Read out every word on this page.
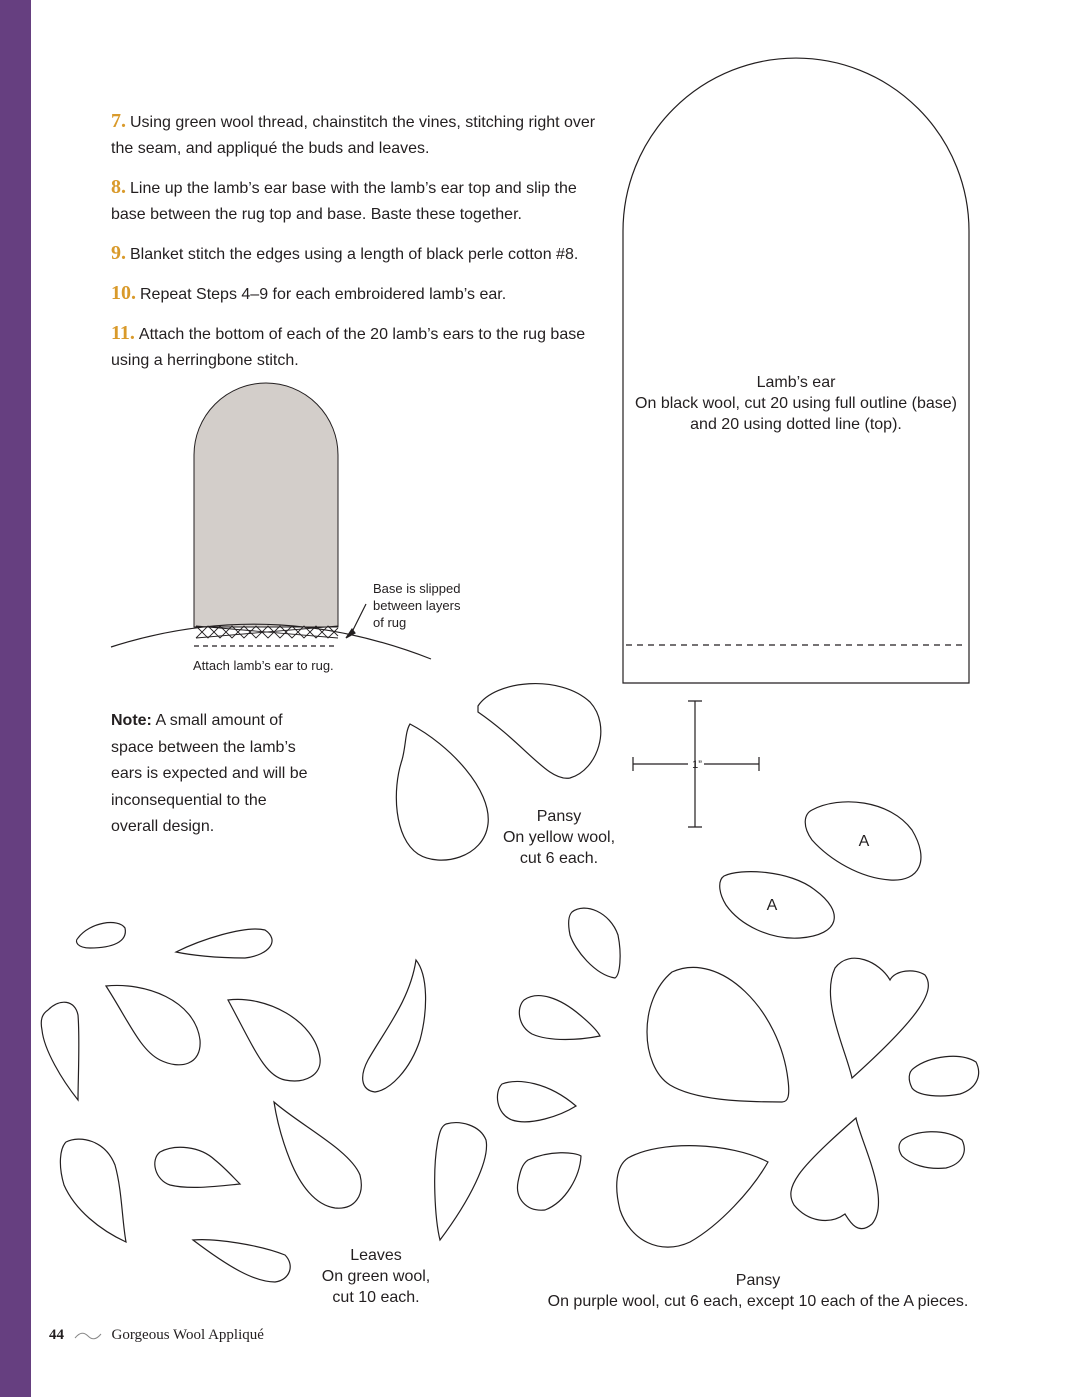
7. Using green wool thread, chainstitch the vines, stitching right over the seam, and appliqué the buds and leaves.

8. Line up the lamb’s ear base with the lamb’s ear top and slip the base between the rug top and base. Baste these together.

9. Blanket stitch the edges using a length of black perle cotton #8.

10. Repeat Steps 4–9 for each embroidered lamb’s ear.

11. Attach the bottom of each of the 20 lamb’s ears to the rug base using a herringbone stitch.

1”
A
A
Base is slipped
between layers
of rug
Attach lamb’s ear to rug.
Note: A small amount of space between the lamb’s ears is expected and will be inconsequential to the overall design.
Lamb’s ear
On black wool, cut 20 using full outline (base)
and 20 using dotted line (top).
Pansy
On yellow wool,
cut 6 each.
Leaves
On green wool,
cut 10 each.
Pansy
On purple wool, cut 6 each, except 10 each of the A pieces.
44	Gorgeous Wool Appliqué
